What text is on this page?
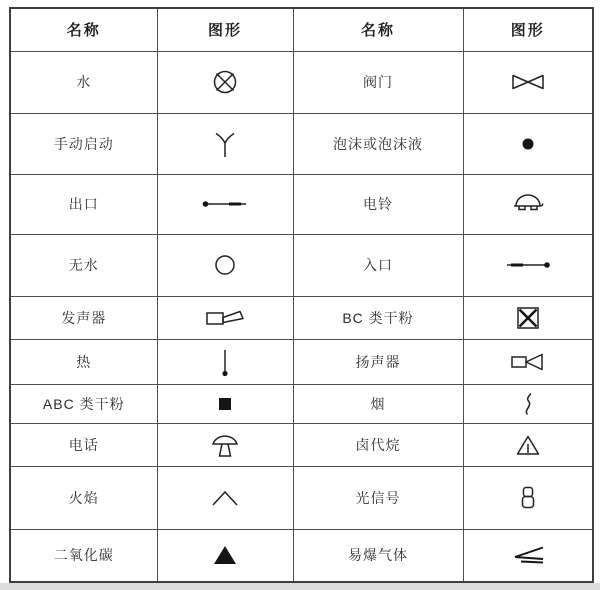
名称	图形	名称	图形
水		阀门	

手动启动		泡沫或泡沫液	

出口		电铃	

无水		入口	

发声器		BC 类干粉	

热		扬声器	

ABC 类干粉		烟	

电话		卤代烷	

火焰		光信号	

二氧化碳		易爆气体	
